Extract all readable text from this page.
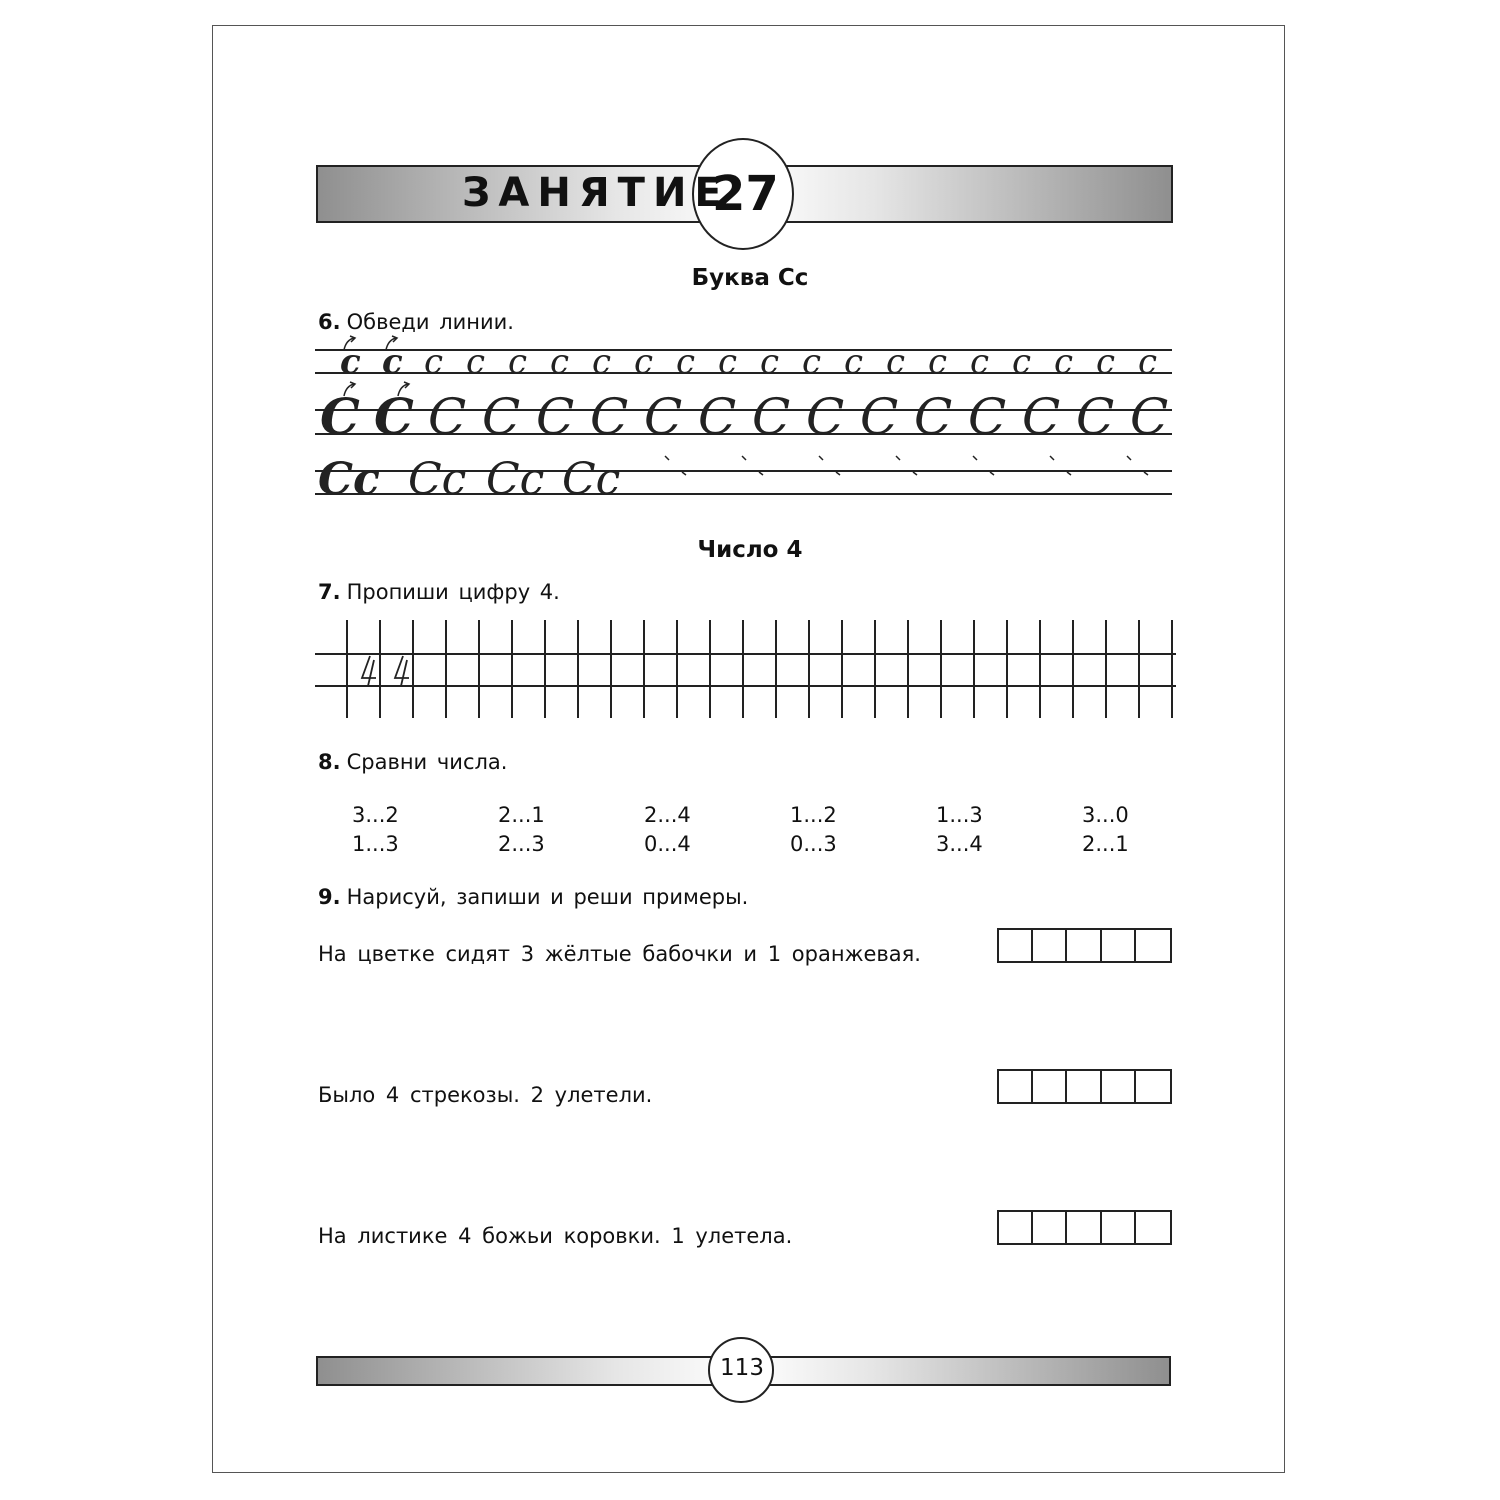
ЗАНЯТИЕ
27
Буква Сс
6. Обведи линии.
c c c c c c c c c c c c c c c c c c c c
C C C C C C C C C C C C C C C C
Cc Cc Cc Cc
Число 4
7. Пропиши цифру 4.
8. Сравни числа.
3...2
1...3
2...1
2...3
2...4
0...4
1...2
0...3
1...3
3...4
3...0
2...1
9. Нарисуй, запиши и реши примеры.
На цветке сидят 3 жёлтые бабочки и 1 оранжевая.
Было 4 стрекозы. 2 улетели.
На листике 4 божьи коровки. 1 улетела.
113
